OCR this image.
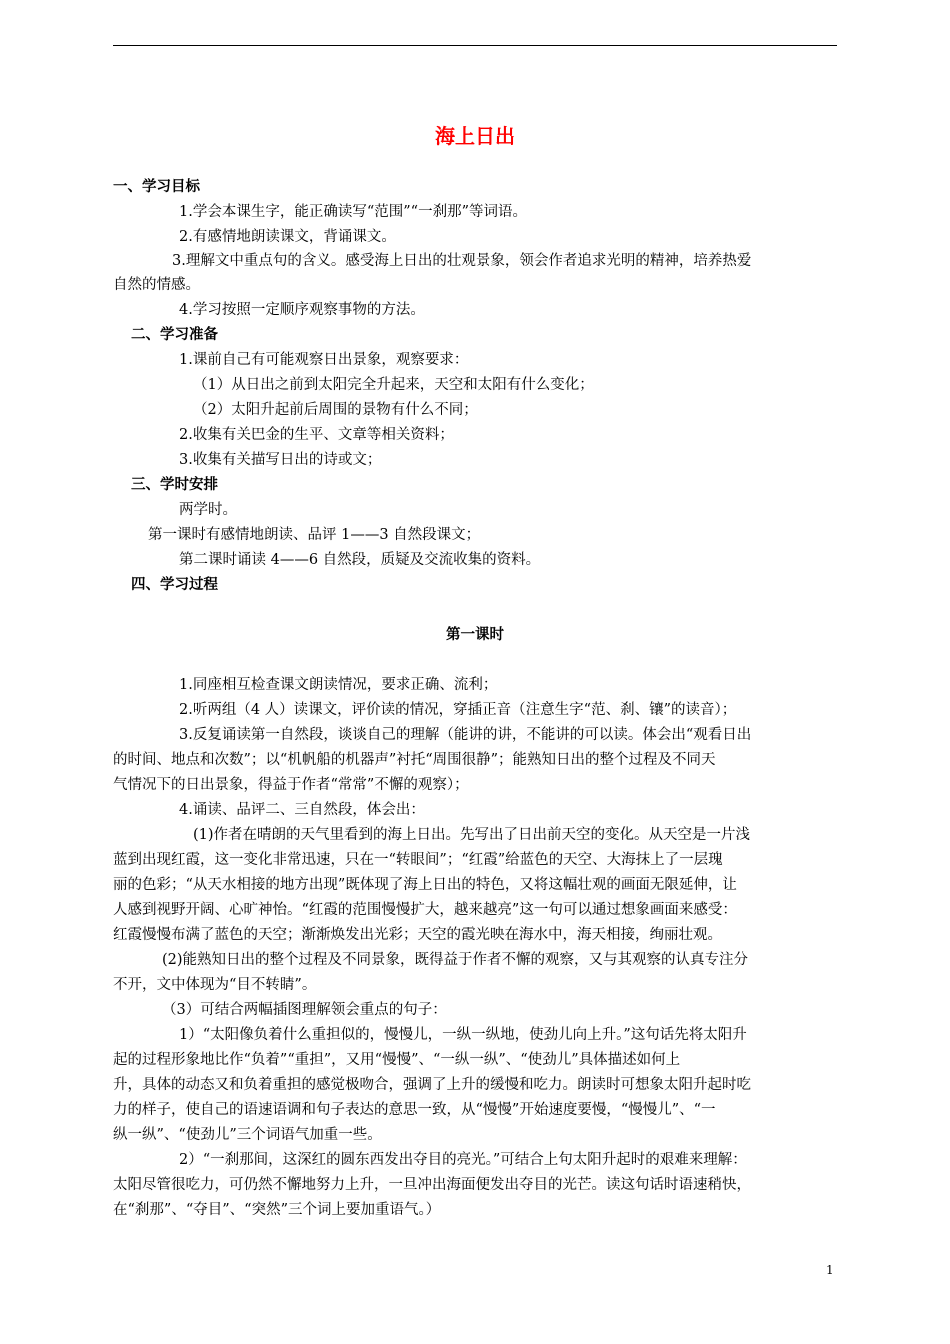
海上日出
一、学习目标
1.学会本课生字，能正确读写“范围”“一刹那”等词语。
2.有感情地朗读课文，背诵课文。
3.理解文中重点句的含义。感受海上日出的壮观景象，领会作者追求光明的精神，培养热爱
自然的情感。
4.学习按照一定顺序观察事物的方法。
二、学习准备
1.课前自己有可能观察日出景象，观察要求：
（1）从日出之前到太阳完全升起来，天空和太阳有什么变化；
（2）太阳升起前后周围的景物有什么不同；
2.收集有关巴金的生平、文章等相关资料；
3.收集有关描写日出的诗或文；
三、学时安排
两学时。
第一课时有感情地朗读、品评 1——3 自然段课文；
第二课时诵读 4——6 自然段，质疑及交流收集的资料。
四、学习过程
第一课时
1.同座相互检查课文朗读情况，要求正确、流利；
2.听两组（4 人）读课文，评价读的情况，穿插正音（注意生字“范、刹、镶”的读音）；
3.反复诵读第一自然段，谈谈自己的理解（能讲的讲，不能讲的可以读。体会出“观看日出
的时间、地点和次数”；以“机帆船的机器声”衬托“周围很静”；能熟知日出的整个过程及不同天
气情况下的日出景象，得益于作者“常常”不懈的观察）；
4.诵读、品评二、三自然段，体会出：
(1)作者在晴朗的天气里看到的海上日出。先写出了日出前天空的变化。从天空是一片浅
蓝到出现红霞，这一变化非常迅速，只在一“转眼间”；“红霞”给蓝色的天空、大海抹上了一层瑰
丽的色彩；“从天水相接的地方出现”既体现了海上日出的特色，又将这幅壮观的画面无限延伸，让
人感到视野开阔、心旷神怡。“红霞的范围慢慢扩大，越来越亮”这一句可以通过想象画面来感受：
红霞慢慢布满了蓝色的天空；渐渐焕发出光彩；天空的霞光映在海水中，海天相接，绚丽壮观。
(2)能熟知日出的整个过程及不同景象，既得益于作者不懈的观察，又与其观察的认真专注分
不开，文中体现为“目不转睛”。
（3）可结合两幅插图理解领会重点的句子：
1）“太阳像负着什么重担似的，慢慢儿，一纵一纵地，使劲儿向上升。”这句话先将太阳升
起的过程形象地比作“负着”“重担”，又用“慢慢”、“一纵一纵”、“使劲儿”具体描述如何上
升，具体的动态又和负着重担的感觉极吻合，强调了上升的缓慢和吃力。朗读时可想象太阳升起时吃
力的样子，使自己的语速语调和句子表达的意思一致，从“慢慢”开始速度要慢，“慢慢儿”、“一
纵一纵”、“使劲儿”三个词语气加重一些。
2）“一刹那间，这深红的圆东西发出夺目的亮光。”可结合上句太阳升起时的艰难来理解：
太阳尽管很吃力，可仍然不懈地努力上升，一旦冲出海面便发出夺目的光芒。读这句话时语速稍快，
在“刹那”、“夺目”、“突然”三个词上要加重语气。）
1
